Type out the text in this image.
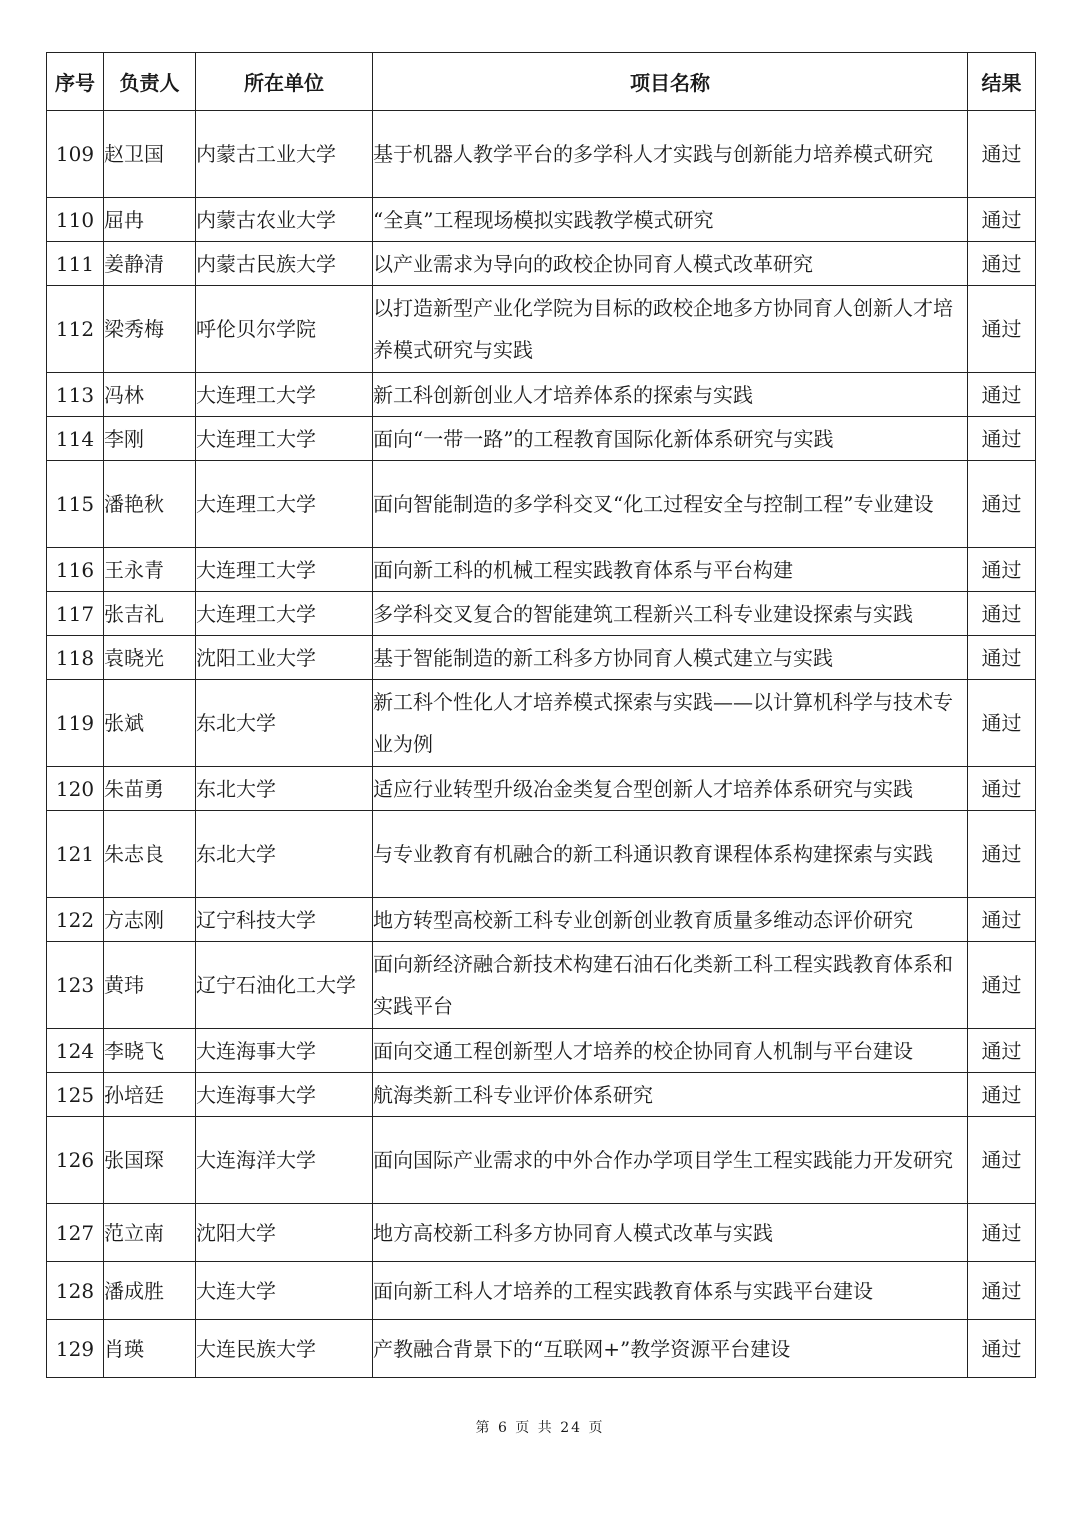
序号	负责人	所在单位	项目名称	结果
109	赵卫国	内蒙古工业大学	基于机器人教学平台的多学科人才实践与创新能力培养模式研究	通过
110	屈冉	内蒙古农业大学	“全真”工程现场模拟实践教学模式研究	通过
111	姜静清	内蒙古民族大学	以产业需求为导向的政校企协同育人模式改革研究	通过
112	梁秀梅	呼伦贝尔学院	以打造新型产业化学院为目标的政校企地多方协同育人创新人才培养模式研究与实践	通过
113	冯林	大连理工大学	新工科创新创业人才培养体系的探索与实践	通过
114	李刚	大连理工大学	面向“一带一路”的工程教育国际化新体系研究与实践	通过
115	潘艳秋	大连理工大学	面向智能制造的多学科交叉“化工过程安全与控制工程”专业建设	通过
116	王永青	大连理工大学	面向新工科的机械工程实践教育体系与平台构建	通过
117	张吉礼	大连理工大学	多学科交叉复合的智能建筑工程新兴工科专业建设探索与实践	通过
118	袁晓光	沈阳工业大学	基于智能制造的新工科多方协同育人模式建立与实践	通过
119	张斌	东北大学	新工科个性化人才培养模式探索与实践——以计算机科学与技术专业为例	通过
120	朱苗勇	东北大学	适应行业转型升级冶金类复合型创新人才培养体系研究与实践	通过
121	朱志良	东北大学	与专业教育有机融合的新工科通识教育课程体系构建探索与实践	通过
122	方志刚	辽宁科技大学	地方转型高校新工科专业创新创业教育质量多维动态评价研究	通过
123	黄玮	辽宁石油化工大学	面向新经济融合新技术构建石油石化类新工科工程实践教育体系和实践平台	通过
124	李晓飞	大连海事大学	面向交通工程创新型人才培养的校企协同育人机制与平台建设	通过
125	孙培廷	大连海事大学	航海类新工科专业评价体系研究	通过
126	张国琛	大连海洋大学	面向国际产业需求的中外合作办学项目学生工程实践能力开发研究	通过
127	范立南	沈阳大学	地方高校新工科多方协同育人模式改革与实践	通过
128	潘成胜	大连大学	面向新工科人才培养的工程实践教育体系与实践平台建设	通过
129	肖瑛	大连民族大学	产教融合背景下的“互联网+”教学资源平台建设	通过
第 6 页 共 24 页
